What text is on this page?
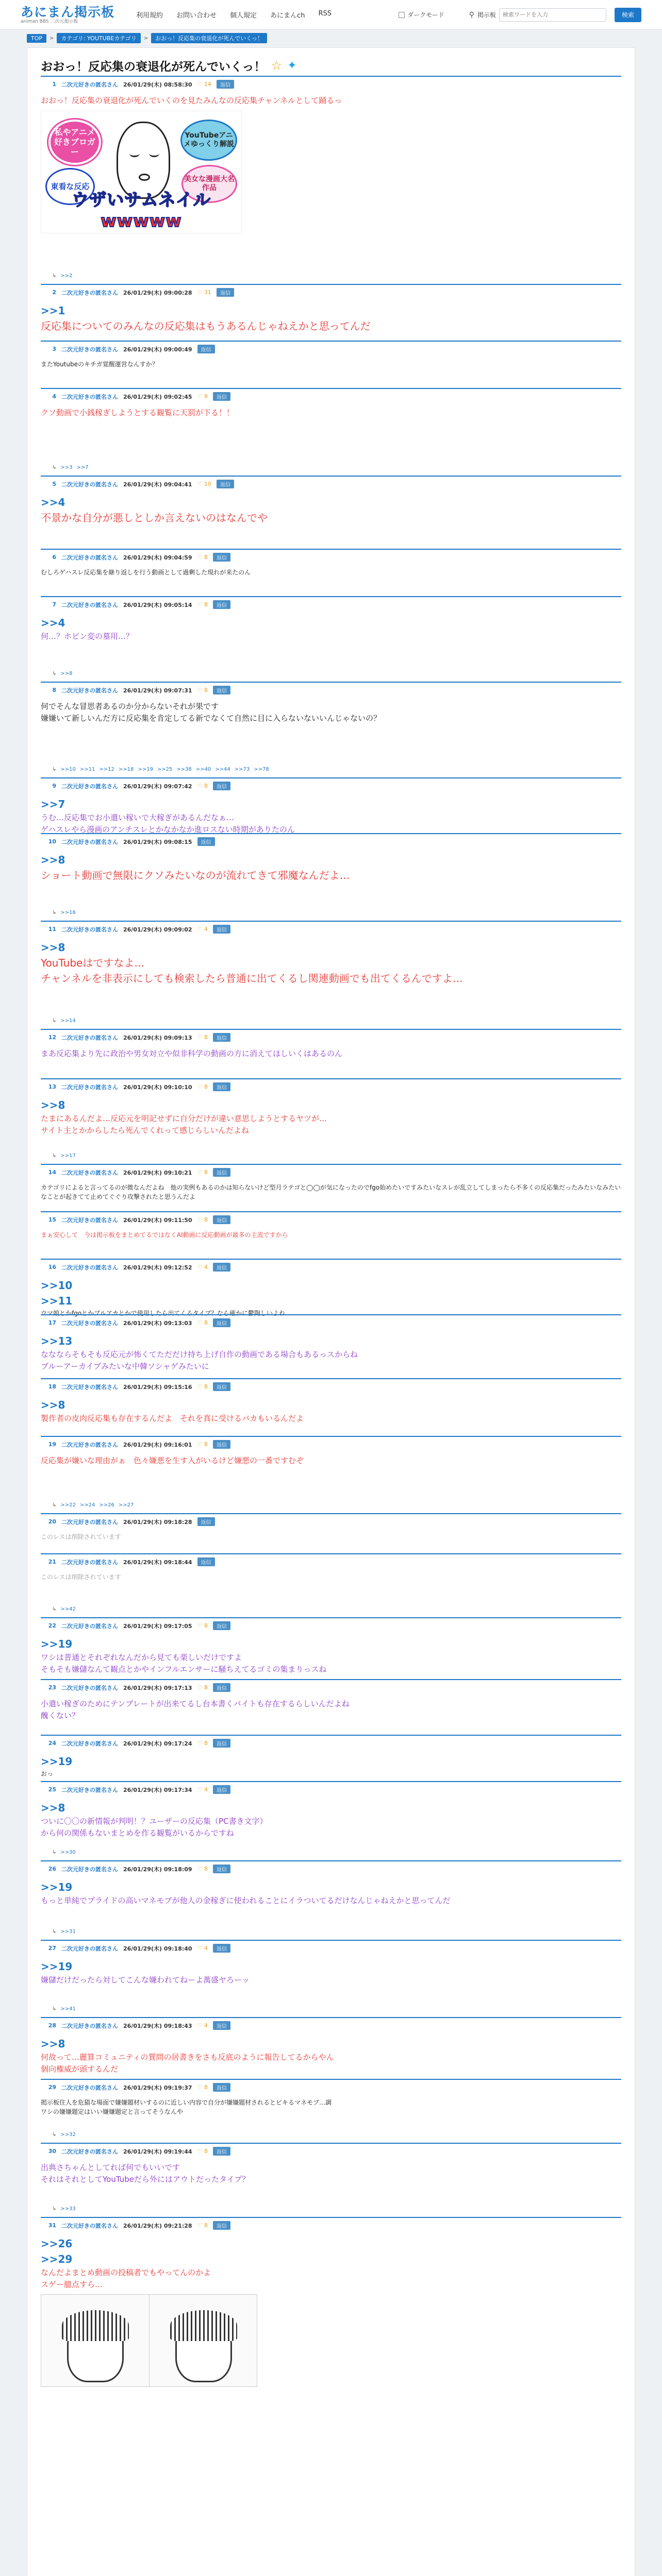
あにまん掲示板
animan BBS 二次元掲示板
利用規約 お問い合わせ 個人規定 あにまんch RSS	ダークモード	⚲ 掲示板
検索ワードを入力	検索
TOP	>	カテゴリ: YOUTUBEカテゴリ	>	おおっ！反応集の衰退化が死んでいくっ！
おおっ！反応集の衰退化が死んでいくっ！ ☆ ✦
1 二次元好きの匿名さん 26/01/29(木) 08:58:30 ♡ 14	返信
おおっ！反応集の衰退化が死んでいくのを見たみんなの反応集チャンネルとして踊るっ
私やアニメ好きブロガー
YouTubeアニメゆっくり解説
東看な反応
美女な漫画大名作品
ウザいサムネイルwwwww
↳ >>2
2 二次元好きの匿名さん 26/01/29(木) 09:00:28 ♡ 31	返信
>>1
反応集についてのみんなの反応集はもうあるんじゃねえかと思ってんだ
3 二次元好きの匿名さん 26/01/29(木) 09:00:49	返信
またYoutubeのキチガ覚醒運営なんすか？
4 二次元好きの匿名さん 26/01/29(木) 09:02:45 ♡ 9	返信
クソ動画で小銭稼ぎしようとする観覧に天罰が下る！！
↳ >>3 >>7
5 二次元好きの匿名さん 26/01/29(木) 09:04:41 ♡ 10	返信
>>4
不景かな自分が悪しとしか言えないのはなんでや
6 二次元好きの匿名さん 26/01/29(木) 09:04:59 ♡ 8	返信
むしろゲハスレ反応集を継り返しを行う動画として過剰した現れが来たのん
7 二次元好きの匿名さん 26/01/29(木) 09:05:14 ♡ 8	返信
>>4
何…？ホピン変の墓用…？
↳ >>8
8 二次元好きの匿名さん 26/01/29(木) 09:07:31 ♡ 8	返信
何でそんな冒思者あるのか分からないそれが果です
嫌嫌いて新しいんだ方に反応集を肯定してる新でなくて自然に目に入らないないいんじゃないの？
↳ >>10 >>11 >>12 >>18 >>19 >>25 >>38 >>40 >>44 >>73 >>78
9 二次元好きの匿名さん 26/01/29(木) 09:07:42 ♡ 8	返信
>>7
うむ…反応集でお小遣い稼いで大稼ぎがあるんだなぁ…
ゲハスレやら漫画のアンチスレとかなかなか進ロスない時期がありたのん
10 二次元好きの匿名さん 26/01/29(木) 09:08:15	返信
>>8
ショート動画で無限にクソみたいなのが流れてきて邪魔なんだよ…
↳ >>16
11 二次元好きの匿名さん 26/01/29(木) 09:09:02 ♡ 4	返信
>>8
YouTubeはですなよ…
チャンネルを非表示にしても検索したら普通に出てくるし関連動画でも出てくるんですよ…
↳ >>14
12 二次元好きの匿名さん 26/01/29(木) 09:09:13 ♡ 8	返信
まあ反応集より先に政治や男女対立や似非科学の動画の方に消えてほしいくはあるのん
13 二次元好きの匿名さん 26/01/29(木) 09:10:10 ♡ 8	返信
>>8
たまにあるんだよ…反応元を明記せずに自分だけが違い意思しようとするヤツが…
サイト主とかからしたら死んでくれって感じらしいんだよね
↳ >>17
14 二次元好きの匿名さん 26/01/29(木) 09:10:21 ♡ 8	返信
カテゴリによると言ってるのが微なんだよね　他の実例もあるのかは知らないけど型月ラテゴと◯◯が気になったのでfgo始めたいですみたいなスレが乱立してしまったら不多くの反応集だったみたいなみたいなことが起きてて止めてぐぐり攻撃されたと思うんだよ
15 二次元好きの匿名さん 26/01/29(木) 09:11:50 ♡ 8	返信
まぁ安心して　今は掲示板をまとめてるではなくAI動画に反応動画が最多の主流ですから
16 二次元好きの匿名さん 26/01/29(木) 09:12:52 ♡ 4	返信
>>10
>>11
ウマ娘とかfgoとかブルアカとかで使用したら出てくるタイプ？なら確かに鬱陶しいよね
17 二次元好きの匿名さん 26/01/29(木) 09:13:03 ♡ 8	返信
>>13
ななならそもそも反応元が怖くてただだけ持ち上げ自作の動画である場合もあるっスからね
ブルーアーカイブみたいな中韓ソシャゲみたいに
18 二次元好きの匿名さん 26/01/29(木) 09:15:16 ♡ 8	返信
>>8
製作者の皮肉反応集も存在するんだよ　それを真に受けるバカもいるんだよ
19 二次元好きの匿名さん 26/01/29(木) 09:16:01 ♡ 8	返信
反応集が嫌いな理由がぁ　色々嫌悪を生す入がいるけど嫌悪の一番ですむぞ
↳ >>22 >>24 >>26 >>27
20 二次元好きの匿名さん 26/01/29(木) 09:18:28	返信
このレスは削除されています
21 二次元好きの匿名さん 26/01/29(木) 09:18:44	返信
このレスは削除されています
↳ >>42
22 二次元好きの匿名さん 26/01/29(木) 09:17:05 ♡ 8	返信
>>19
ワシは普通とそれぞれなんだから見ても楽しいだけですよ
そもそも嫌儲なんて観点とかやインフルエンサーに騒ちえてるゴミの集まりっスね
23 二次元好きの匿名さん 26/01/29(木) 09:17:13 ♡ 8	返信
小遣い稼ぎのためにテンプレートが出来てるし台本書くバイトも存在するらしいんだよね
醜くない？
24 二次元好きの匿名さん 26/01/29(木) 09:17:24 ♡ 8	返信
>>19
おっ
25 二次元好きの匿名さん 26/01/29(木) 09:17:34 ♡ 4	返信
>>8
ついに〇〇の新情報が判明！？ユーザーの反応集（PC書き文字）
から何の関係もないまとめを作る観覧がいるからですね
↳ >>30
26 二次元好きの匿名さん 26/01/29(木) 09:18:09 ♡ 8	返信
>>19
もっと単純でプライドの高いマネモブが他人の金稼ぎに使われることにイラついてるだけなんじゃねえかと思ってんだ
↳ >>31
27 二次元好きの匿名さん 26/01/29(木) 09:18:40 ♡ 4	返信
>>19
嫌儲だけだったら対してこんな嫌われてねーよ萬盛ヤろーッ
↳ >>41
28 二次元好きの匿名さん 26/01/29(木) 09:18:43 ♡ 4	返信
>>8
何故って…麗算コミュニティの質問の居書きをさも反底のように報告してるからやん
個向権威が頭するんだ
29 二次元好きの匿名さん 26/01/29(木) 09:19:37 ♡ 8	返信
掲示板住人を危猫な場面で嫌嫌題材いするのに近しい内容で自分が嫌嫌題材されるとビキるマネモブ…調
ワシの嫌嫌題定はいい嫌嫌題定と言ってそうなんや
↳ >>32
30 二次元好きの匿名さん 26/01/29(木) 09:19:44 ♡ 8	返信
出典さちゃんとしてれば何でもいいです
それはそれとしてYouTubeだら外にはアウトだったタイプ？
↳ >>33
31 二次元好きの匿名さん 26/01/29(木) 09:21:28 ♡ 8	返信
>>26
>>29
なんだよまとめ動画の投稿者でもやってんのかよ
スゲー臆点すら…
